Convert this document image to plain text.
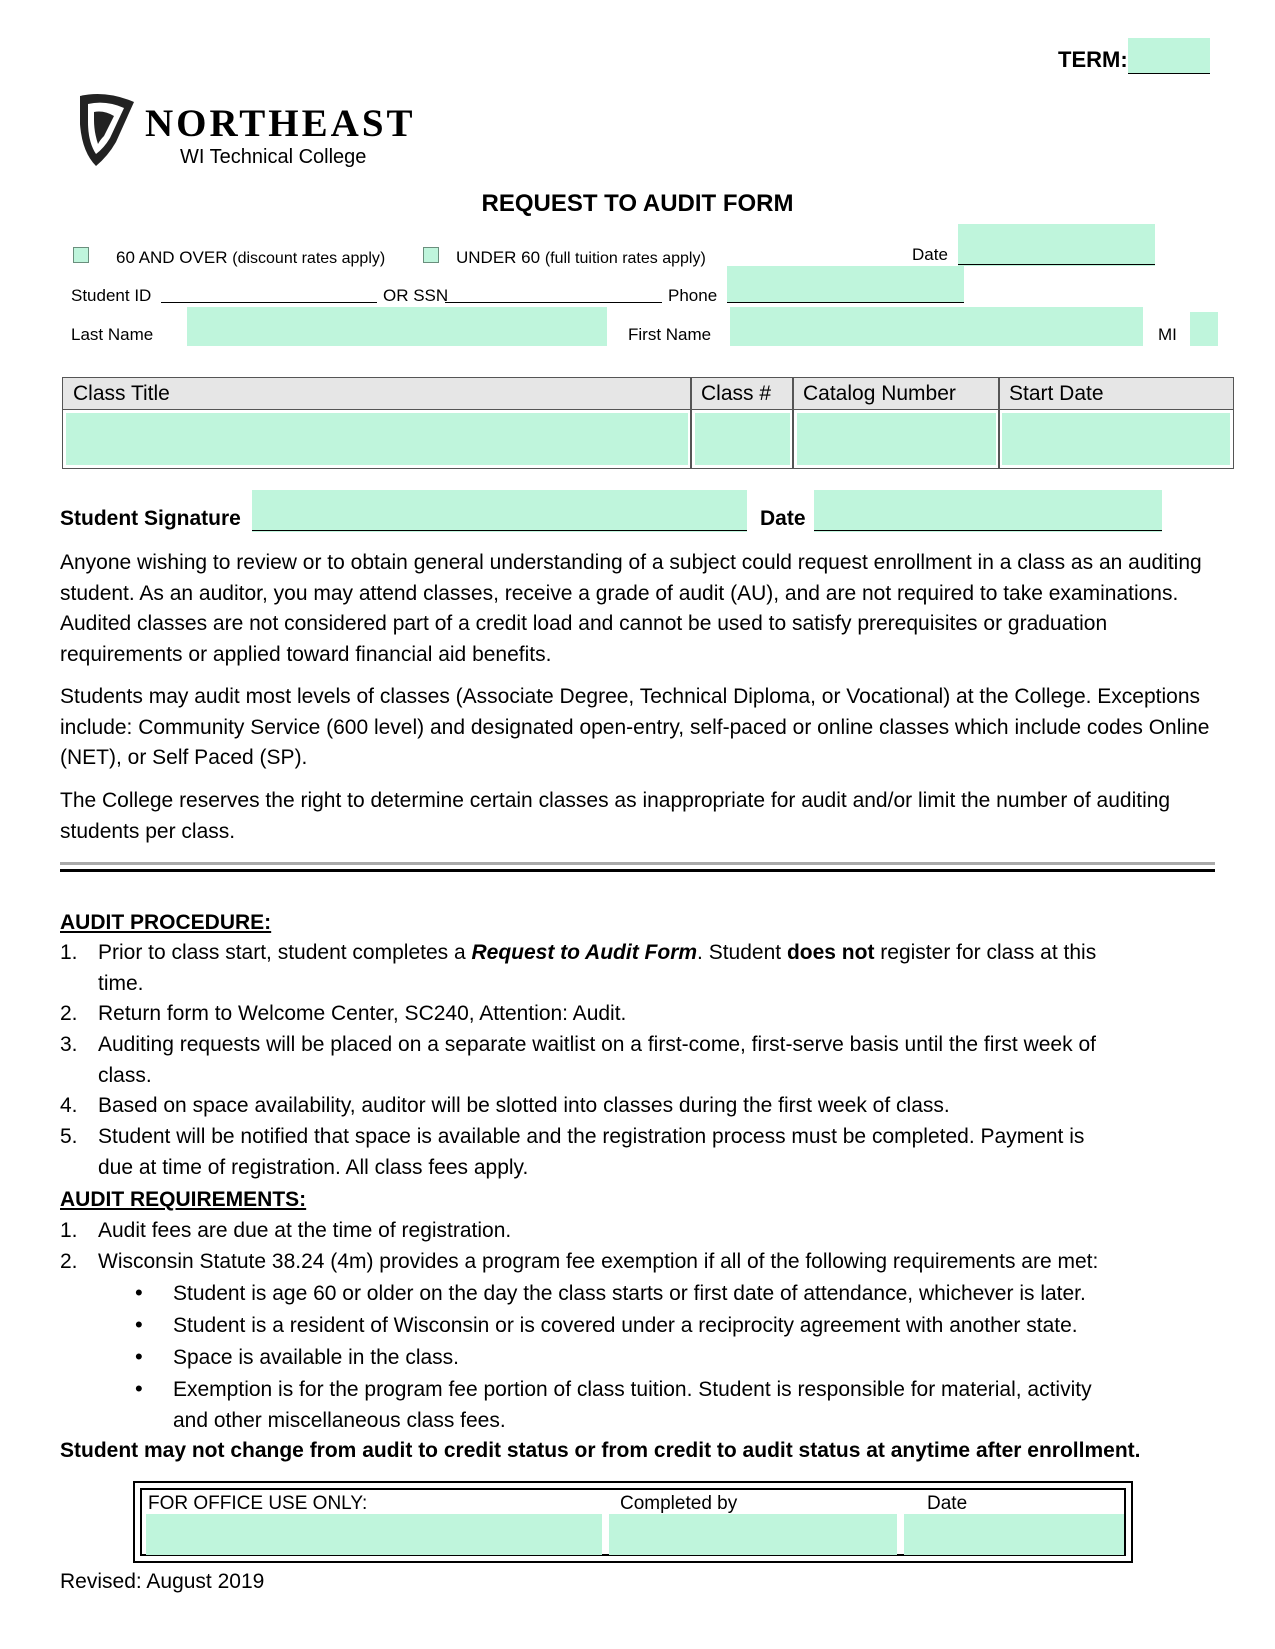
TERM:
NORTHEAST
WI Technical College
REQUEST TO AUDIT FORM
60 AND OVER (discount rates apply)	UNDER 60 (full tuition rates apply)	Date
Student ID	OR SSN	Phone
Last Name	First Name	MI
Class Title	Class #	Catalog Number	Start Date
Student Signature	Date
Anyone wishing to review or to obtain general understanding of a subject could request enrollment in a class as an auditing student. As an auditor, you may attend classes, receive a grade of audit (AU), and are not required to take examinations. Audited classes are not considered part of a credit load and cannot be used to satisfy prerequisites or graduation requirements or applied toward financial aid benefits.
Students may audit most levels of classes (Associate Degree, Technical Diploma, or Vocational) at the College. Exceptions include: Community Service (600 level) and designated open-entry, self-paced or online classes which include codes Online (NET), or Self Paced (SP).
The College reserves the right to determine certain classes as inappropriate for audit and/or limit the number of auditing students per class.
AUDIT PROCEDURE:
1. Prior to class start, student completes a Request to Audit Form. Student does not register for class at this
time.
2. Return form to Welcome Center, SC240, Attention: Audit.
3. Auditing requests will be placed on a separate waitlist on a first-come, first-serve basis until the first week of
class.
4. Based on space availability, auditor will be slotted into classes during the first week of class.
5. Student will be notified that space is available and the registration process must be completed. Payment is
due at time of registration. All class fees apply.
AUDIT REQUIREMENTS:
1. Audit fees are due at the time of registration.
2. Wisconsin Statute 38.24 (4m) provides a program fee exemption if all of the following requirements are met:
• Student is age 60 or older on the day the class starts or first date of attendance, whichever is later.
• Student is a resident of Wisconsin or is covered under a reciprocity agreement with another state.
• Space is available in the class.
• Exemption is for the program fee portion of class tuition. Student is responsible for material, activity
and other miscellaneous class fees.
Student may not change from audit to credit status or from credit to audit status at anytime after enrollment.
FOR OFFICE USE ONLY:	Completed by	Date
Revised: August 2019
